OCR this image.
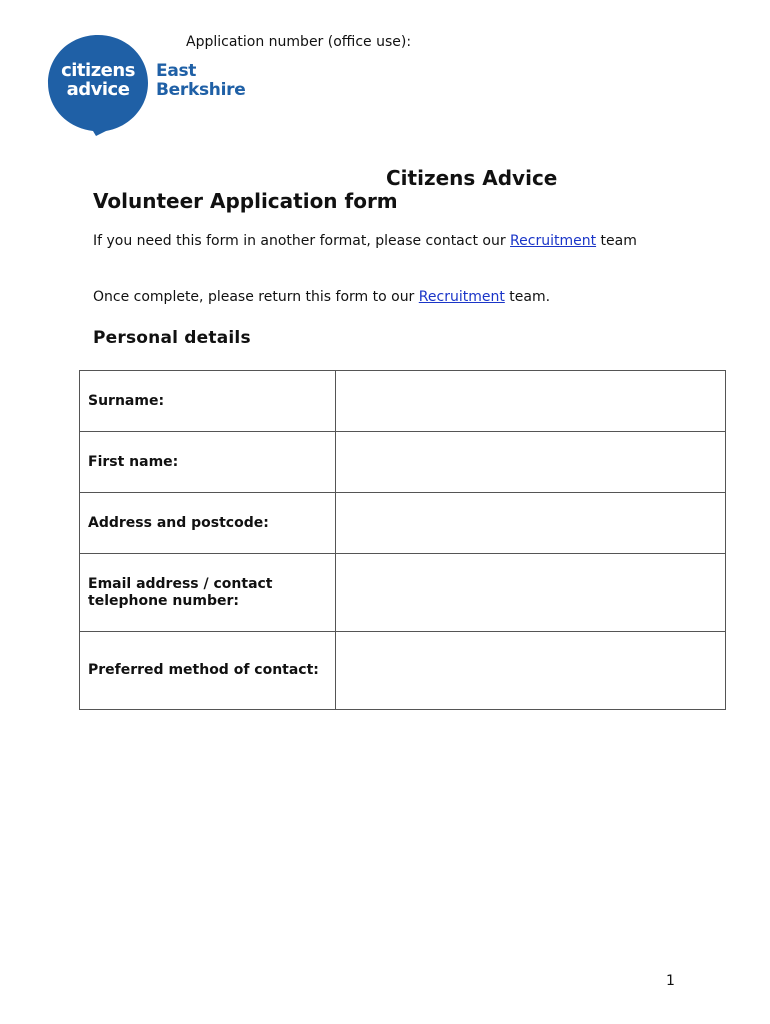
Application number (office use):
citizens
advice
East
Berkshire
Citizens Advice
Volunteer Application form
If you need this form in another format, please contact our Recruitment team
Once complete, please return this form to our Recruitment team.
Personal details
Surname:	
First name:	
Address and postcode:	
Email address / contact telephone number:	
Preferred method of contact:	
1
